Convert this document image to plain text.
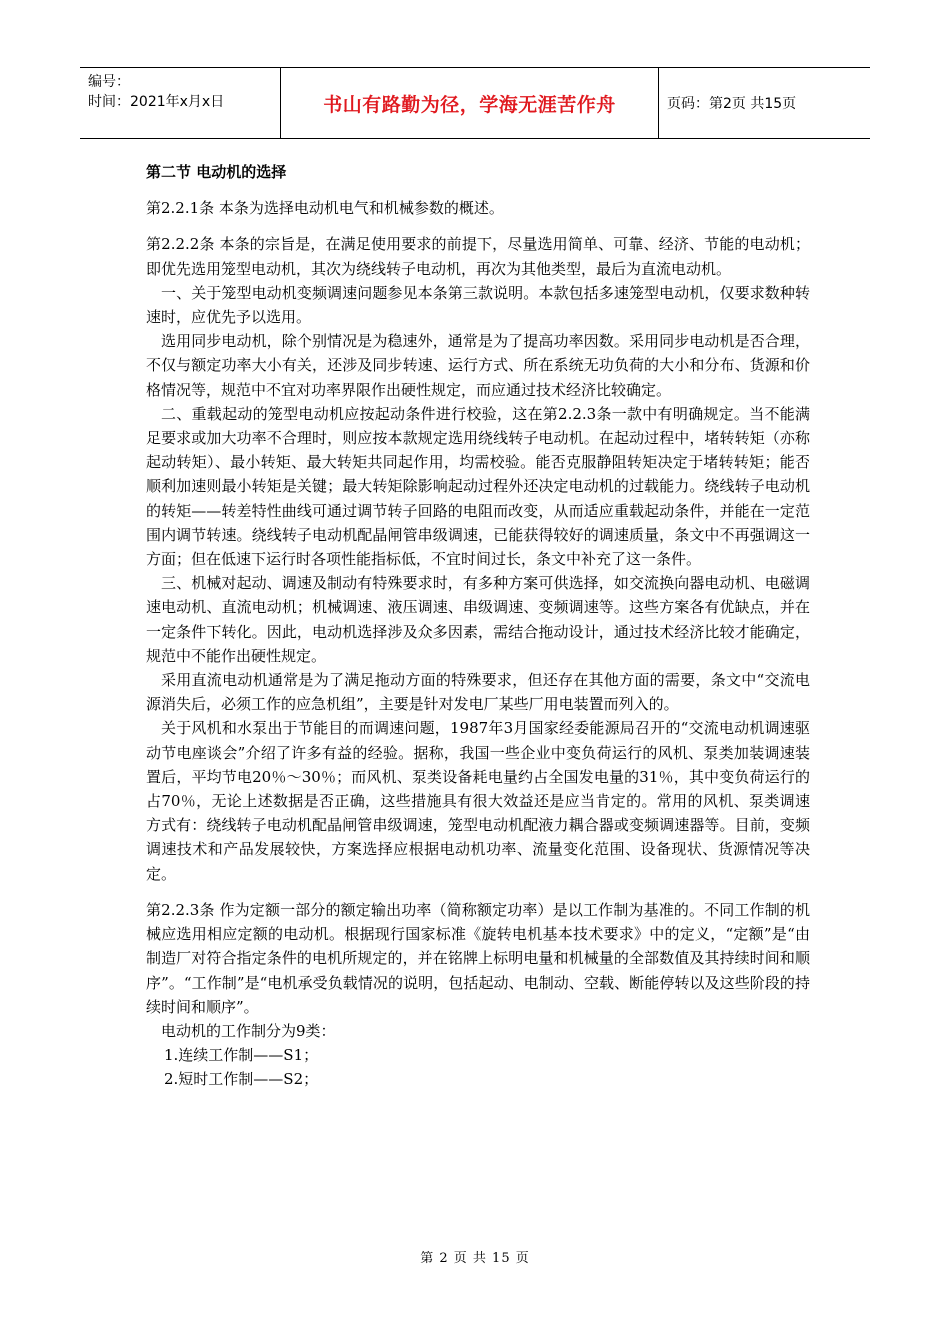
编号：
时间：2021年x月x日	书山有路勤为径，学海无涯苦作舟	页码：第2页 共15页

第二节 电动机的选择

第2.2.1条 本条为选择电动机电气和机械参数的概述。

第2.2.2条 本条的宗旨是，在满足使用要求的前提下，尽量选用简单、可靠、经济、节能的电动机；即优先选用笼型电动机，其次为绕线转子电动机，再次为其他类型，最后为直流电动机。

一、关于笼型电动机变频调速问题参见本条第三款说明。本款包括多速笼型电动机，仅要求数种转速时，应优先予以选用。

选用同步电动机，除个别情况是为稳速外，通常是为了提高功率因数。采用同步电动机是否合理，不仅与额定功率大小有关，还涉及同步转速、运行方式、所在系统无功负荷的大小和分布、货源和价格情况等，规范中不宜对功率界限作出硬性规定，而应通过技术经济比较确定。

二、重载起动的笼型电动机应按起动条件进行校验，这在第2.2.3条一款中有明确规定。当不能满足要求或加大功率不合理时，则应按本款规定选用绕线转子电动机。在起动过程中，堵转转矩（亦称起动转矩）、最小转矩、最大转矩共同起作用，均需校验。能否克服静阻转矩决定于堵转转矩；能否顺利加速则最小转矩是关键；最大转矩除影响起动过程外还决定电动机的过载能力。绕线转子电动机的转矩——转差特性曲线可通过调节转子回路的电阻而改变，从而适应重载起动条件，并能在一定范围内调节转速。绕线转子电动机配晶闸管串级调速，已能获得较好的调速质量，条文中不再强调这一方面；但在低速下运行时各项性能指标低，不宜时间过长，条文中补充了这一条件。

三、机械对起动、调速及制动有特殊要求时，有多种方案可供选择，如交流换向器电动机、电磁调速电动机、直流电动机；机械调速、液压调速、串级调速、变频调速等。这些方案各有优缺点，并在一定条件下转化。因此，电动机选择涉及众多因素，需结合拖动设计，通过技术经济比较才能确定，规范中不能作出硬性规定。

采用直流电动机通常是为了满足拖动方面的特殊要求，但还存在其他方面的需要，条文中“交流电源消失后，必须工作的应急机组”，主要是针对发电厂某些厂用电装置而列入的。

关于风机和水泵出于节能目的而调速问题，1987年3月国家经委能源局召开的“交流电动机调速驱动节电座谈会”介绍了许多有益的经验。据称，我国一些企业中变负荷运行的风机、泵类加装调速装置后，平均节电20％～30％；而风机、泵类设备耗电量约占全国发电量的31％，其中变负荷运行的占70％，无论上述数据是否正确，这些措施具有很大效益还是应当肯定的。常用的风机、泵类调速方式有：绕线转子电动机配晶闸管串级调速，笼型电动机配液力耦合器或变频调速器等。目前，变频调速技术和产品发展较快，方案选择应根据电动机功率、流量变化范围、设备现状、货源情况等决定。

第2.2.3条 作为定额一部分的额定输出功率（简称额定功率）是以工作制为基准的。不同工作制的机械应选用相应定额的电动机。根据现行国家标准《旋转电机基本技术要求》中的定义，“定额”是“由制造厂对符合指定条件的电机所规定的，并在铭牌上标明电量和机械量的全部数值及其持续时间和顺序”。“工作制”是“电机承受负载情况的说明，包括起动、电制动、空载、断能停转以及这些阶段的持续时间和顺序”。

电动机的工作制分为9类：

1.连续工作制——S1；

2.短时工作制——S2；

第 2 页 共 15 页
